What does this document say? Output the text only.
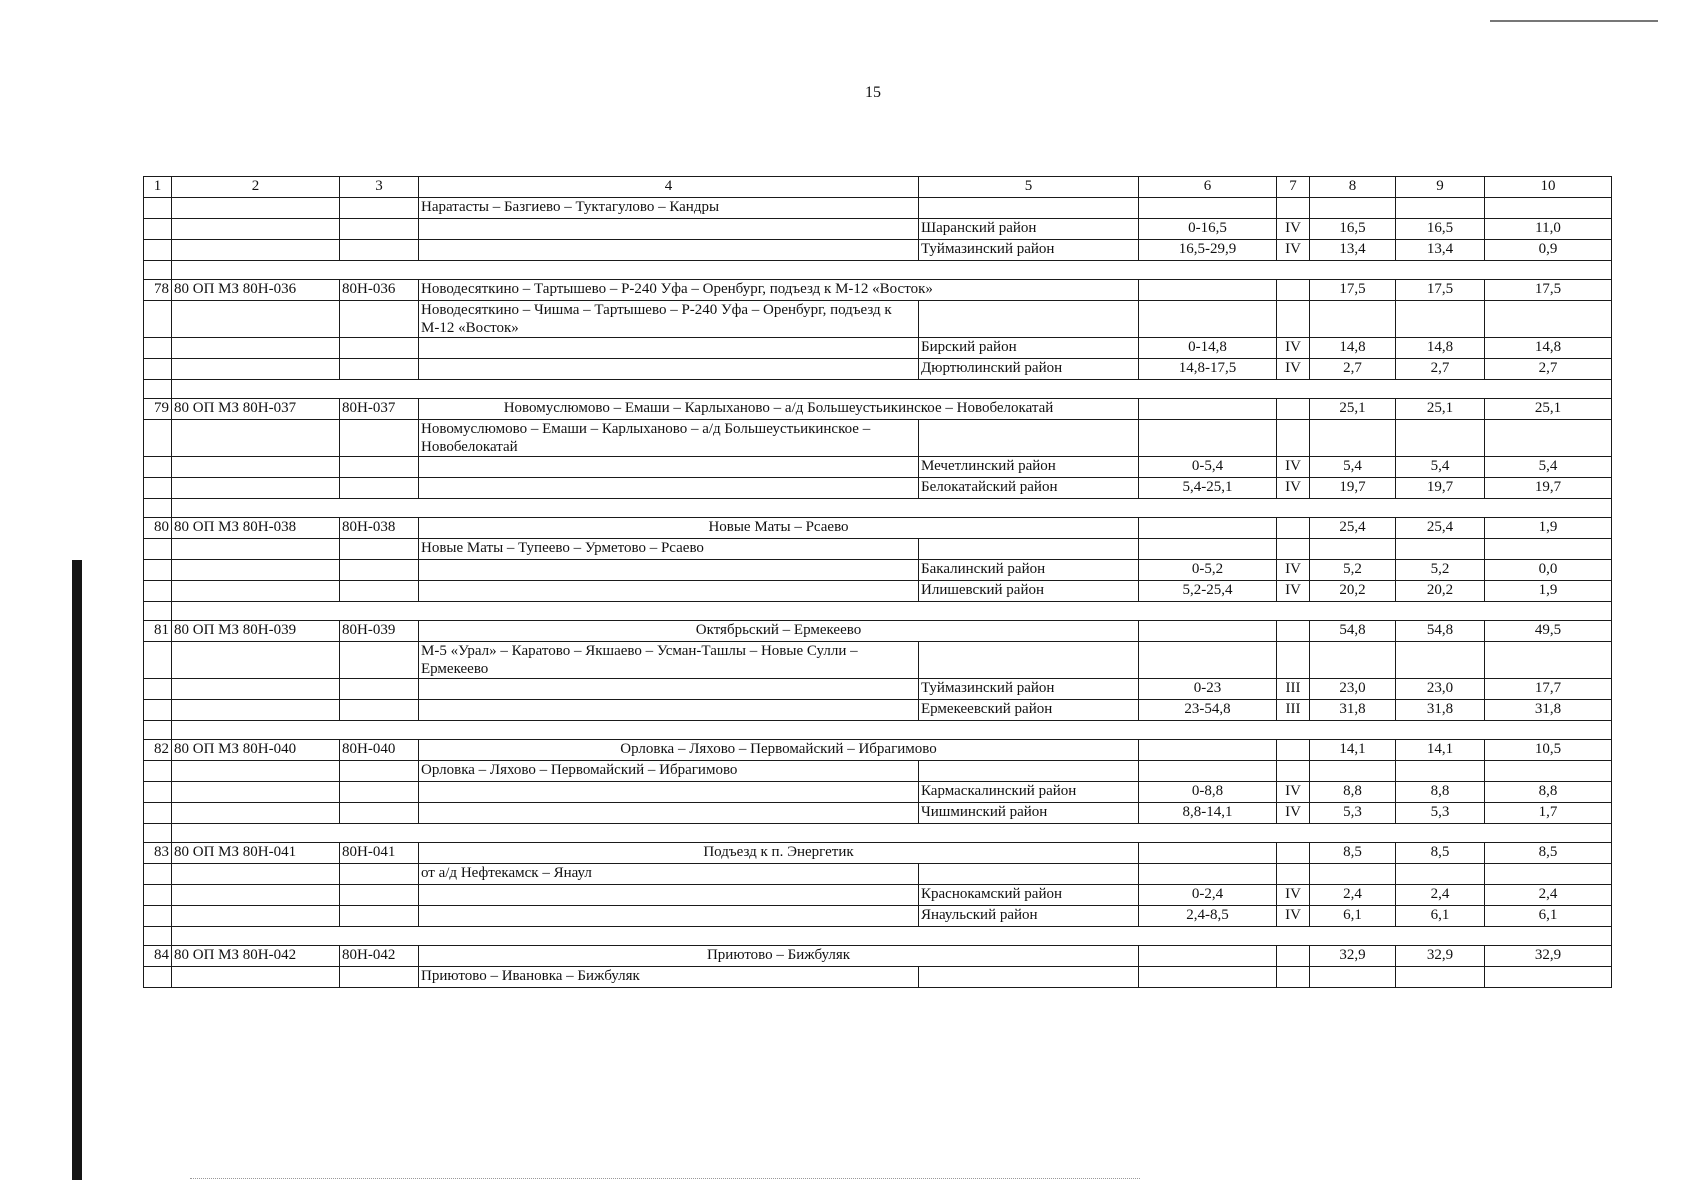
15
1	2	3	4	5	6	7	8	9	10
			Наратасты – Базгиево – Туктагулово – Кандры						
				Шаранский район	0-16,5	IV	16,5	16,5	11,0
				Туймазинский район	16,5-29,9	IV	13,4	13,4	0,9

78	80 ОП МЗ 80Н-036	80Н-036	Новодесяткино – Тартышево – Р-240 Уфа – Оренбург, подъезд к М-12 «Восток»				17,5	17,5	17,5
			Новодесяткино – Чишма – Тартышево – Р-240 Уфа – Оренбург, подъезд к М-12 «Восток»						
				Бирский район	0-14,8	IV	14,8	14,8	14,8
				Дюртюлинский район	14,8-17,5	IV	2,7	2,7	2,7

79	80 ОП МЗ 80Н-037	80Н-037	Новомуслюмово – Емаши – Карлыханово – а/д Большеустьикинское – Новобелокатай				25,1	25,1	25,1
			Новомуслюмово – Емаши – Карлыханово – а/д Большеустьикинское – Новобелокатай						
				Мечетлинский район	0-5,4	IV	5,4	5,4	5,4
				Белокатайский район	5,4-25,1	IV	19,7	19,7	19,7

80	80 ОП МЗ 80Н-038	80Н-038	Новые Маты – Рсаево				25,4	25,4	1,9
			Новые Маты – Тупеево – Урметово – Рсаево						
				Бакалинский район	0-5,2	IV	5,2	5,2	0,0
				Илишевский район	5,2-25,4	IV	20,2	20,2	1,9

81	80 ОП МЗ 80Н-039	80Н-039	Октябрьский – Ермекеево				54,8	54,8	49,5
			М-5 «Урал» – Каратово – Якшаево – Усман-Ташлы – Новые Сулли – Ермекеево						
				Туймазинский район	0-23	III	23,0	23,0	17,7
				Ермекеевский район	23-54,8	III	31,8	31,8	31,8

82	80 ОП МЗ 80Н-040	80Н-040	Орловка – Ляхово – Первомайский – Ибрагимово				14,1	14,1	10,5
			Орловка – Ляхово – Первомайский – Ибрагимово						
				Кармаскалинский район	0-8,8	IV	8,8	8,8	8,8
				Чишминский район	8,8-14,1	IV	5,3	5,3	1,7

83	80 ОП МЗ 80Н-041	80Н-041	Подъезд к п. Энергетик				8,5	8,5	8,5
			от а/д Нефтекамск – Янаул						
				Краснокамский район	0-2,4	IV	2,4	2,4	2,4
				Янаульский район	2,4-8,5	IV	6,1	6,1	6,1

84	80 ОП МЗ 80Н-042	80Н-042	Приютово – Бижбуляк				32,9	32,9	32,9
			Приютово – Ивановка – Бижбуляк						
